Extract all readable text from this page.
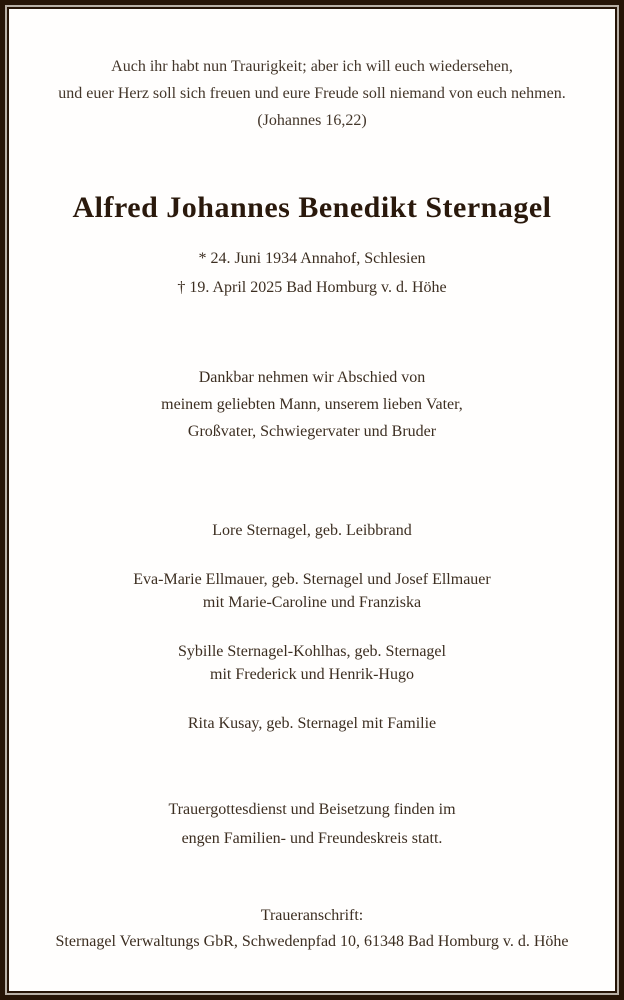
Auch ihr habt nun Traurigkeit; aber ich will euch wiedersehen,
und euer Herz soll sich freuen und eure Freude soll niemand von euch nehmen.
(Johannes 16,22)
Alfred Johannes Benedikt Sternagel
* 24. Juni 1934 Annahof, Schlesien
† 19. April 2025 Bad Homburg v. d. Höhe
Dankbar nehmen wir Abschied von
meinem geliebten Mann, unserem lieben Vater,
Großvater, Schwiegervater und Bruder
Lore Sternagel, geb. Leibbrand
Eva-Marie Ellmauer, geb. Sternagel und Josef Ellmauer
mit Marie-Caroline und Franziska
Sybille Sternagel-Kohlhas, geb. Sternagel
mit Frederick und Henrik-Hugo
Rita Kusay, geb. Sternagel mit Familie
Trauergottesdienst und Beisetzung finden im
engen Familien- und Freundeskreis statt.
Traueranschrift:
Sternagel Verwaltungs GbR, Schwedenpfad 10, 61348 Bad Homburg v. d. Höhe
